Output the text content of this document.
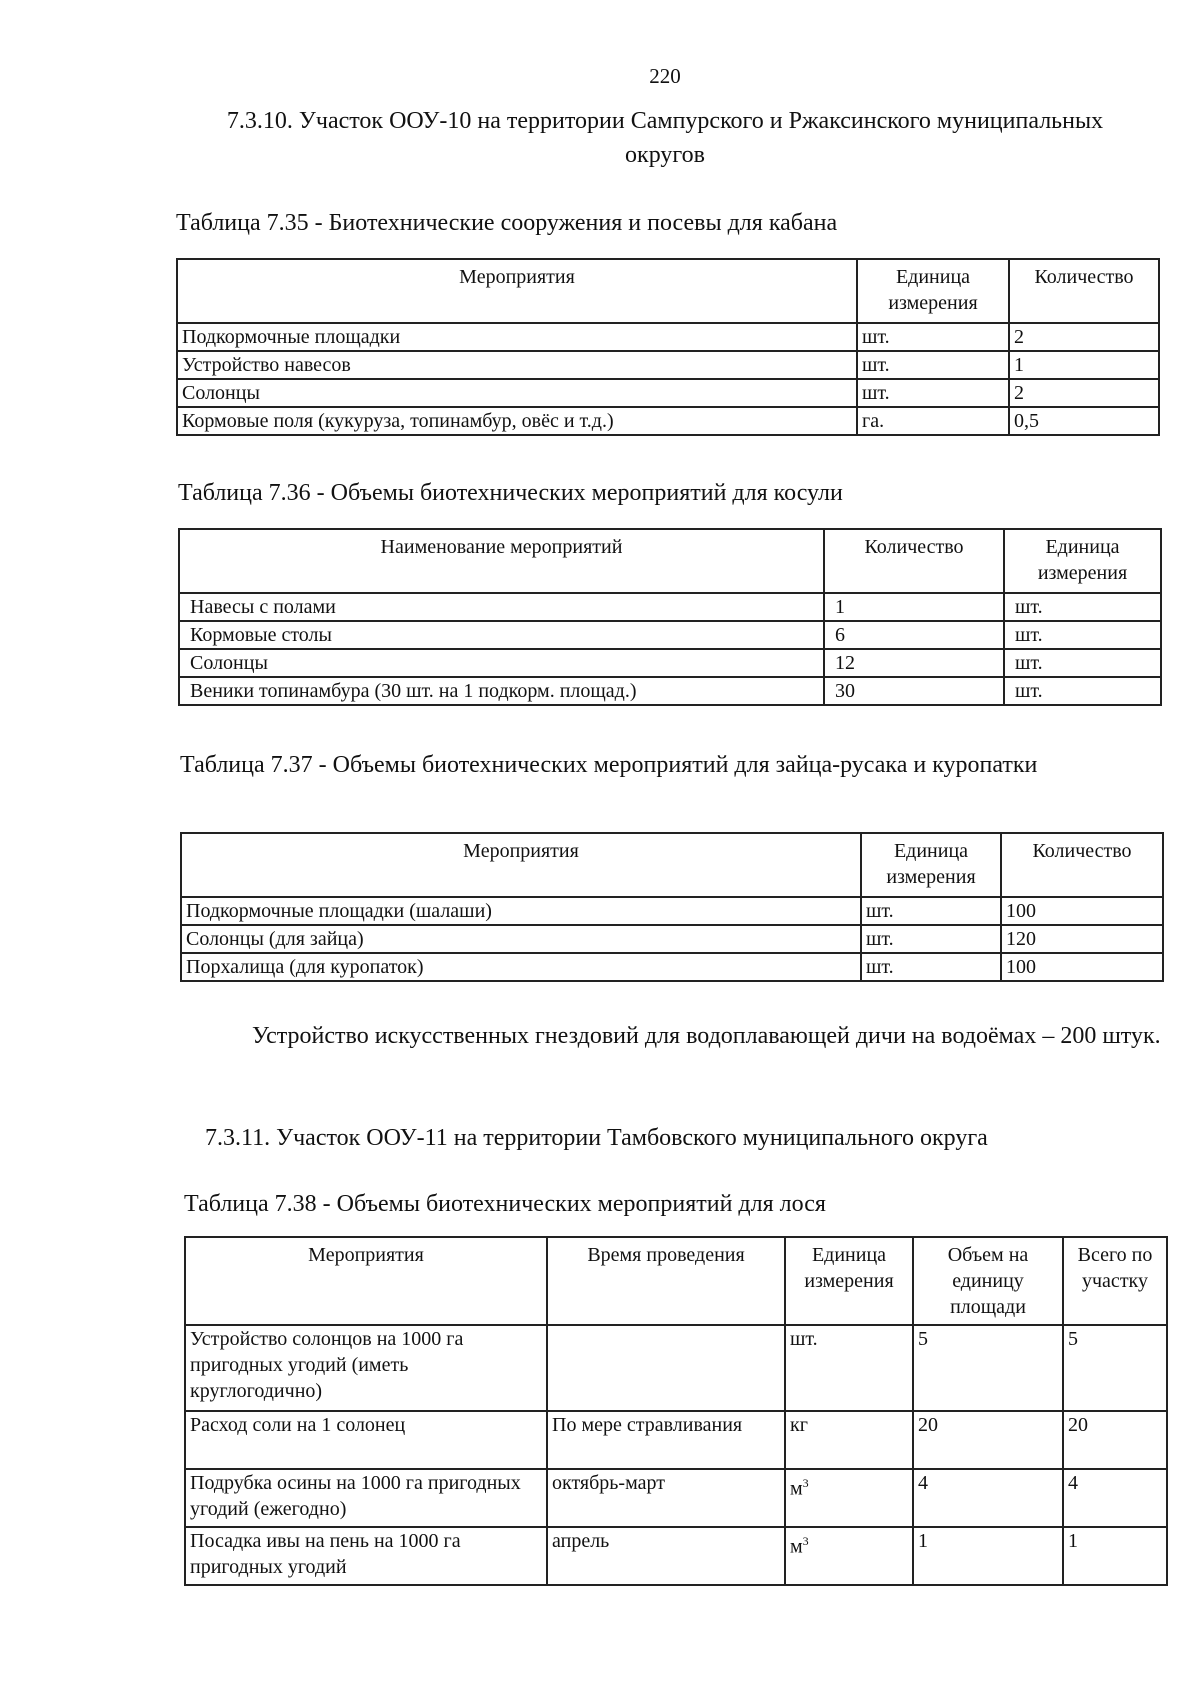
220
7.3.10. Участок ООУ-10 на территории Сампурского и Ржаксинского муниципальных округов
Таблица 7.35 - Биотехнические сооружения и посевы для кабана
Мероприятия	Единица измерения	Количество
Подкормочные площадки	шт.	2
Устройство навесов	шт.	1
Солонцы	шт.	2
Кормовые поля (кукуруза, топинамбур, овёс и т.д.)	га.	0,5
Таблица 7.36 - Объемы биотехнических мероприятий для косули
Наименование мероприятий	Количество	Единица измерения
Навесы с полами	1	шт.
Кормовые столы	6	шт.
Солонцы	12	шт.
Веники топинамбура (30 шт. на 1 подкорм. площад.)	30	шт.
Таблица 7.37 - Объемы биотехнических мероприятий для зайца-русака и куропатки
Мероприятия	Единица измерения	Количество
Подкормочные площадки (шалаши)	шт.	100
Солонцы (для зайца)	шт.	120
Порхалища (для куропаток)	шт.	100
Устройство искусственных гнездовий для водоплавающей дичи на водоёмах – 200 штук.
7.3.11. Участок ООУ-11 на территории Тамбовского муниципального округа
Таблица 7.38 - Объемы биотехнических мероприятий для лося
Мероприятия	Время проведения	Единица измерения	Объем на единицу площади	Всего по участку
Устройство солонцов на 1000 га пригодных угодий (иметь круглогодично)		шт.	5	5
Расход соли на 1 солонец	По мере стравливания	кг	20	20
Подрубка осины на 1000 га пригодных угодий (ежегодно)	октябрь-март	$м^3$	4	4
Посадка ивы на пень на 1000 га пригодных угодий	апрель	$м^3$	1	1
